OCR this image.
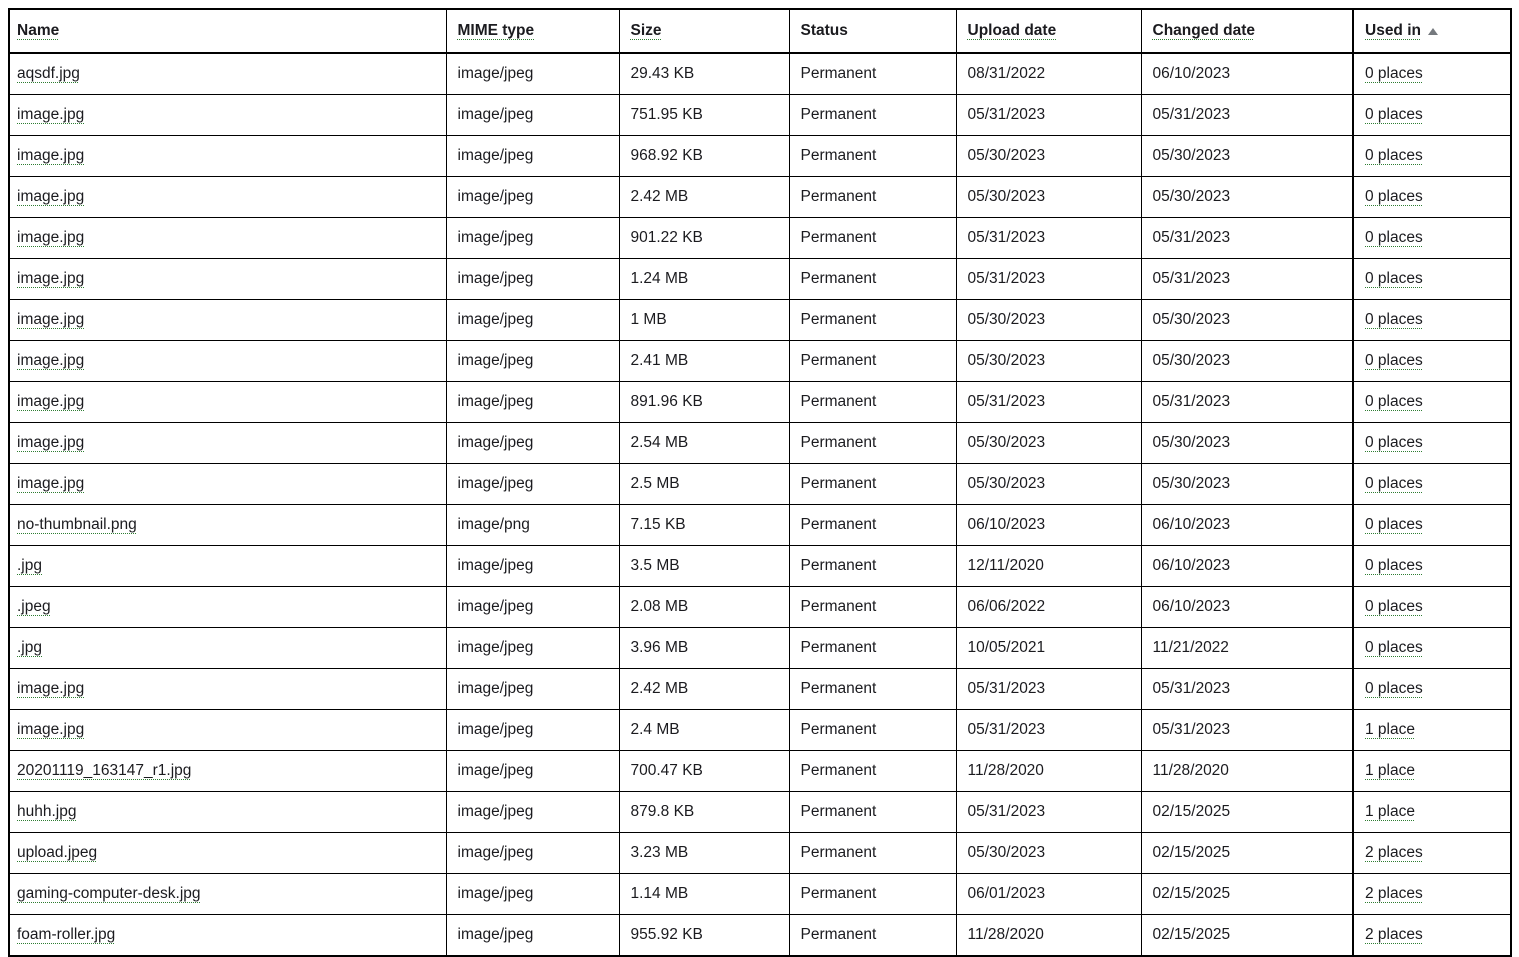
Name	MIME type	Size	Status	Upload date	Changed date	Used in
aqsdf.jpg	image/jpeg	29.43 KB	Permanent	08/31/2022	06/10/2023	0 places
image.jpg	image/jpeg	751.95 KB	Permanent	05/31/2023	05/31/2023	0 places
image.jpg	image/jpeg	968.92 KB	Permanent	05/30/2023	05/30/2023	0 places
image.jpg	image/jpeg	2.42 MB	Permanent	05/30/2023	05/30/2023	0 places
image.jpg	image/jpeg	901.22 KB	Permanent	05/31/2023	05/31/2023	0 places
image.jpg	image/jpeg	1.24 MB	Permanent	05/31/2023	05/31/2023	0 places
image.jpg	image/jpeg	1 MB	Permanent	05/30/2023	05/30/2023	0 places
image.jpg	image/jpeg	2.41 MB	Permanent	05/30/2023	05/30/2023	0 places
image.jpg	image/jpeg	891.96 KB	Permanent	05/31/2023	05/31/2023	0 places
image.jpg	image/jpeg	2.54 MB	Permanent	05/30/2023	05/30/2023	0 places
image.jpg	image/jpeg	2.5 MB	Permanent	05/30/2023	05/30/2023	0 places
no-thumbnail.png	image/png	7.15 KB	Permanent	06/10/2023	06/10/2023	0 places
.jpg	image/jpeg	3.5 MB	Permanent	12/11/2020	06/10/2023	0 places
.jpeg	image/jpeg	2.08 MB	Permanent	06/06/2022	06/10/2023	0 places
.jpg	image/jpeg	3.96 MB	Permanent	10/05/2021	11/21/2022	0 places
image.jpg	image/jpeg	2.42 MB	Permanent	05/31/2023	05/31/2023	0 places
image.jpg	image/jpeg	2.4 MB	Permanent	05/31/2023	05/31/2023	1 place
20201119_163147_r1.jpg	image/jpeg	700.47 KB	Permanent	11/28/2020	11/28/2020	1 place
huhh.jpg	image/jpeg	879.8 KB	Permanent	05/31/2023	02/15/2025	1 place
upload.jpeg	image/jpeg	3.23 MB	Permanent	05/30/2023	02/15/2025	2 places
gaming-computer-desk.jpg	image/jpeg	1.14 MB	Permanent	06/01/2023	02/15/2025	2 places
foam-roller.jpg	image/jpeg	955.92 KB	Permanent	11/28/2020	02/15/2025	2 places
